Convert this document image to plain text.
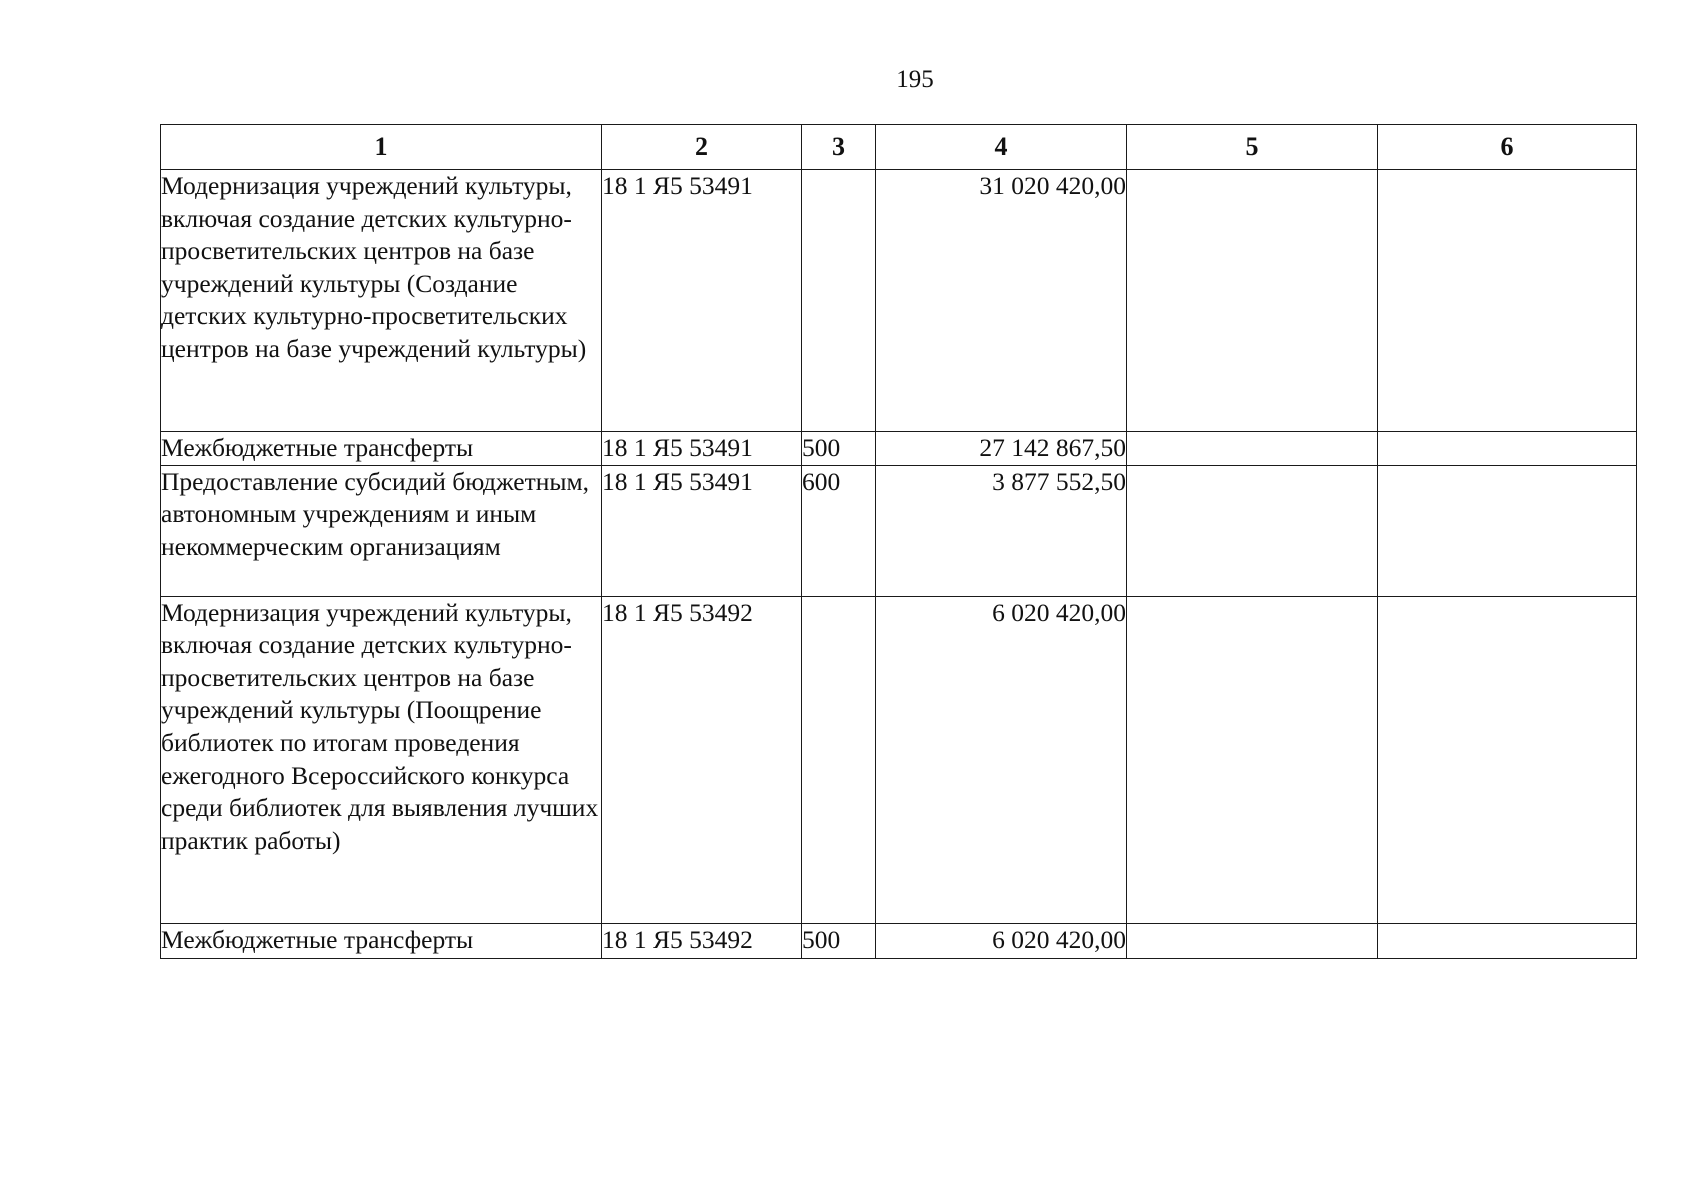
195
1	2	3	4	5	6
Модернизация учреждений культуры, включая создание детских культурно-просветительских центров на базе учреждений культуры (Создание детских культурно-просветительских центров на базе учреждений культуры)	18 1 Я5 53491		31 020 420,00		
Межбюджетные трансферты	18 1 Я5 53491	500	27 142 867,50		
Предоставление субсидий бюджетным, автономным учреждениям и иным некоммерческим организациям	18 1 Я5 53491	600	3 877 552,50		
Модернизация учреждений культуры, включая создание детских культурно-просветительских центров на базе учреждений культуры (Поощрение библиотек по итогам проведения ежегодного Всероссийского конкурса среди библиотек для выявления лучших практик работы)	18 1 Я5 53492		6 020 420,00		
Межбюджетные трансферты	18 1 Я5 53492	500	6 020 420,00		
